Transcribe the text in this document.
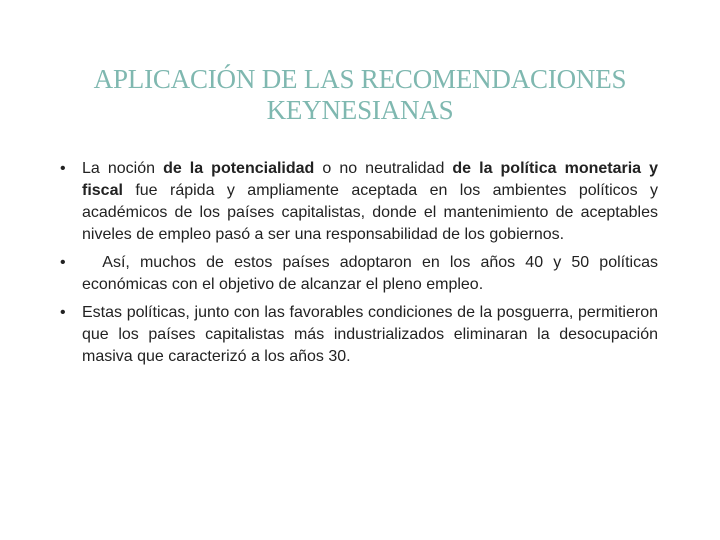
APLICACIÓN DE LAS RECOMENDACIONES
KEYNESIANAS
•	La noción de la potencialidad o no neutralidad de la política monetaria y fiscal fue rápida y ampliamente aceptada en los ambientes políticos y académicos de los países capitalistas, donde el mantenimiento de aceptables niveles de empleo pasó a ser una responsabilidad de los gobiernos.
•	Así, muchos de estos países adoptaron en los años 40 y 50 políticas económicas con el objetivo de alcanzar el pleno empleo.
•	Estas políticas, junto con las favorables condiciones de la posguerra, permitieron que los países capitalistas más industrializados eliminaran la desocupación masiva que caracterizó a los años 30.
